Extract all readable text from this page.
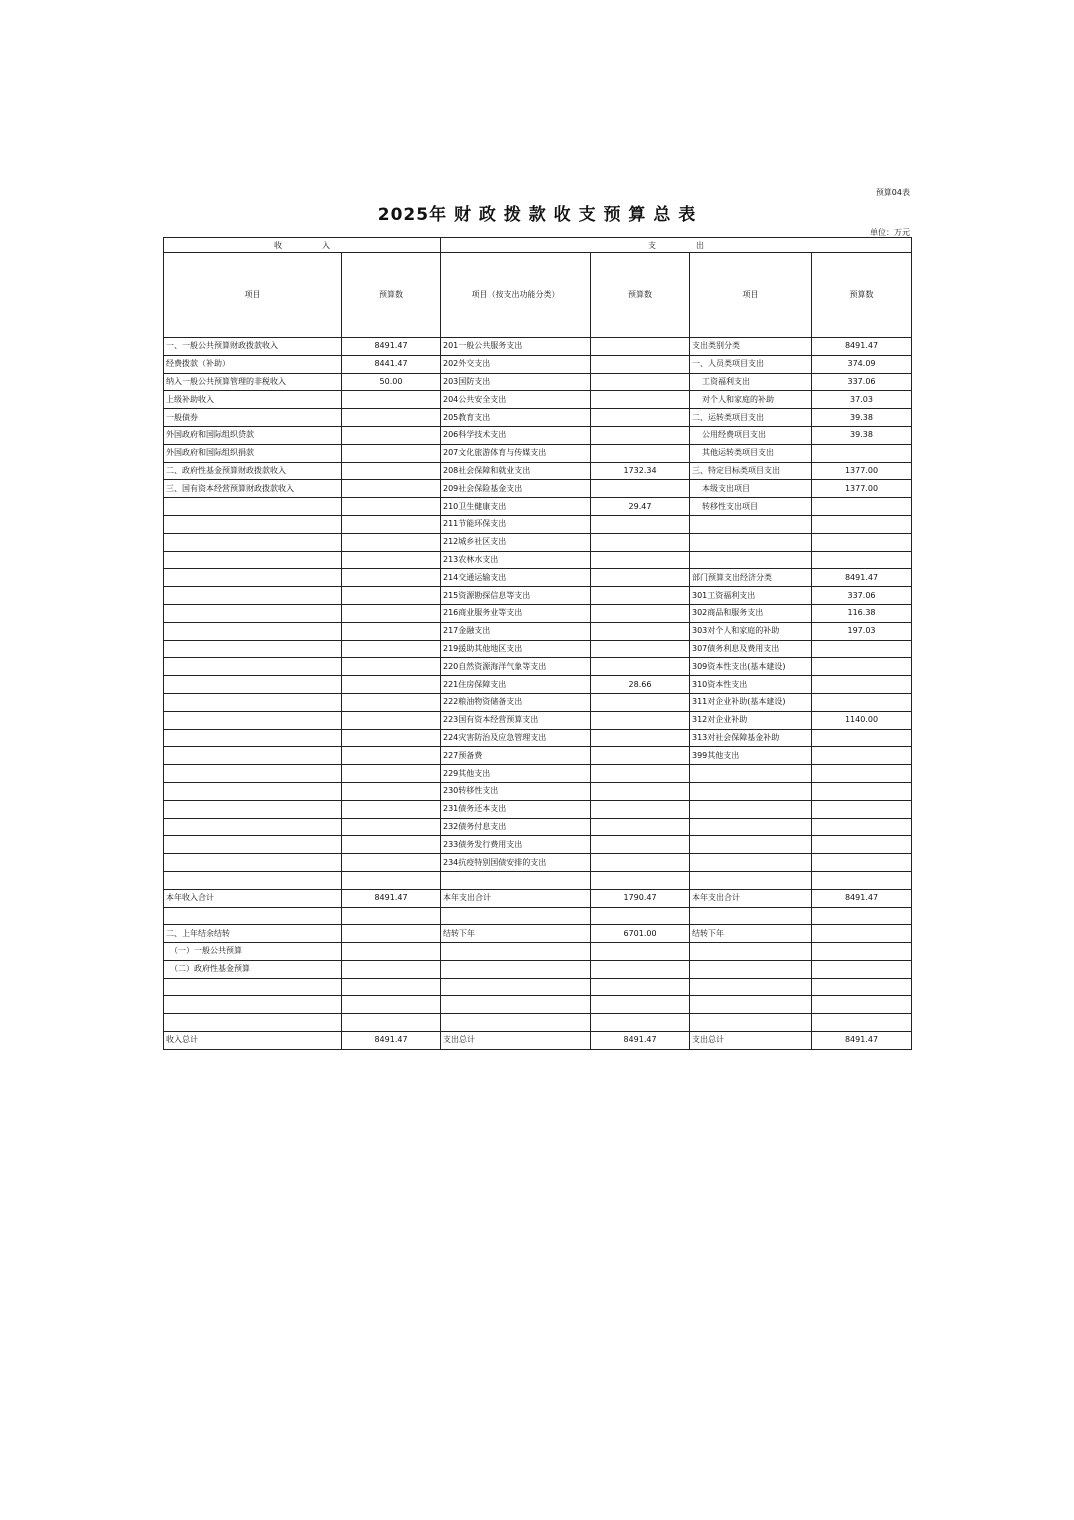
预算04表
2025年 财 政 拨 款 收 支 预 算 总 表
单位：万元
收　　　　　入		支　　　　　出			
项目	预算数	项目（按支出功能分类）	预算数	项目	预算数
一、一般公共预算财政拨款收入	8491.47	201一般公共服务支出		支出类别分类	8491.47
经费拨款（补助）	8441.47	202外交支出		一、人员类项目支出	374.09
纳入一般公共预算管理的非税收入	50.00	203国防支出		工资福利支出	337.06
上级补助收入		204公共安全支出		对个人和家庭的补助	37.03
一般债券		205教育支出		二、运转类项目支出	39.38
外国政府和国际组织贷款		206科学技术支出		公用经费项目支出	39.38
外国政府和国际组织捐款		207文化旅游体育与传媒支出		其他运转类项目支出	
二、政府性基金预算财政拨款收入		208社会保障和就业支出	1732.34	三、特定目标类项目支出	1377.00
三、国有资本经营预算财政拨款收入		209社会保险基金支出		本级支出项目	1377.00
		210卫生健康支出	29.47	转移性支出项目	
		211节能环保支出			
		212城乡社区支出			
		213农林水支出			
		214交通运输支出		部门预算支出经济分类	8491.47
		215资源勘探信息等支出		301工资福利支出	337.06
		216商业服务业等支出		302商品和服务支出	116.38
		217金融支出		303对个人和家庭的补助	197.03
		219援助其他地区支出		307债务利息及费用支出	
		220自然资源海洋气象等支出		309资本性支出(基本建设)	
		221住房保障支出	28.66	310资本性支出	
		222粮油物资储备支出		311对企业补助(基本建设)	
		223国有资本经营预算支出		312对企业补助	1140.00
		224灾害防治及应急管理支出		313对社会保障基金补助	
		227预备费		399其他支出	
		229其他支出			
		230转移性支出			
		231债务还本支出			
		232债务付息支出			
		233债务发行费用支出			
		234抗疫特别国债安排的支出			

本年收入合计	8491.47	本年支出合计	1790.47	本年支出合计	8491.47

二、上年结余结转		结转下年	6701.00	结转下年	
（一）一般公共预算					
（二）政府性基金预算					

收入总计	8491.47	支出总计	8491.47	支出总计	8491.47
